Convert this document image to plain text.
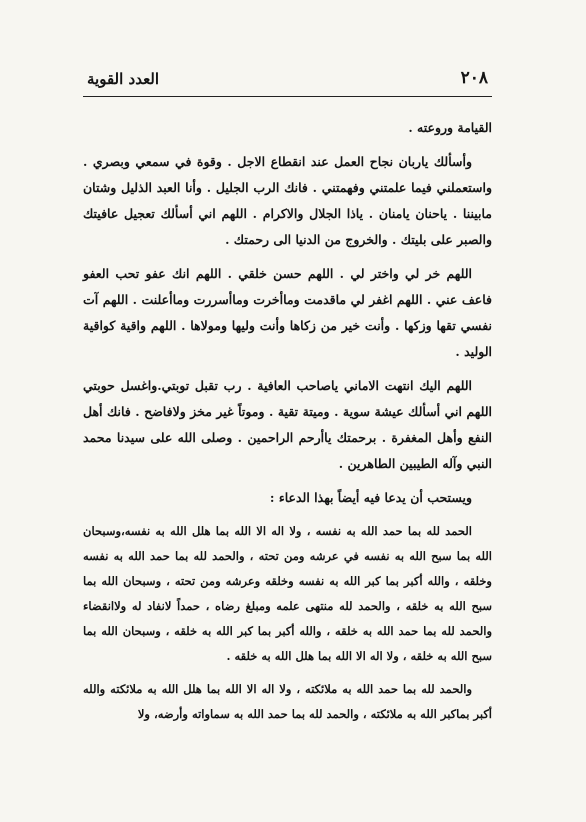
٢٠٨
العدد القوية

القيامة وروعته .

وأسألك ياربان نجاح العمل عند انقطاع الاجل . وقوة في سمعي وبصري . واستعملني فيما علمتني وفهمتني . فانك الرب الجليل . وأنا العبد الذليل وشتان مابيننا . ياحنان يامنان . ياذا الجلال والاكرام . اللهم اني أسألك تعجيل عافيتك والصبر على بليتك . والخروج من الدنيا الى رحمتك .

اللهم خر لي واختر لي . اللهم حسن خلقي . اللهم انك عفو تحب العفو فاعف عني . اللهم اغفر لي ماقدمت وماأخرت وماأسررت وماأعلنت . اللهم آت نفسي تقها وزكها . وأنت خير من زكاها وأنت وليها ومولاها . اللهم واقية كواقية الوليد .

اللهم اليك انتهت الاماني ياصاحب العافية . رب تقبل توبتي.واغسل حوبتي اللهم اني أسألك عيشة سوية . وميتة تقية . وموتاً غير مخز ولافاضح . فانك أهل النفع وأهل المغفرة . برحمتك ياأرحم الراحمين . وصلى الله على سيدنا محمد النبي وآله الطيبين الطاهرين .

ويستحب أن يدعا فيه أيضاً بهذا الدعاء :

الحمد لله بما حمد الله به نفسه ، ولا اله الا الله بما هلل الله به نفسه،وسبحان الله بما سبح الله به نفسه في عرشه ومن تحته ، والحمد لله بما حمد الله به نفسه وخلقه ، والله أكبر بما كبر الله به نفسه وخلقه وعرشه ومن تحته ، وسبحان الله بما سبح الله به خلقه ، والحمد لله منتهى علمه ومبلغ رضاه ، حمداً لانفاد له ولاانقضاء والحمد لله بما حمد الله به خلقه ، والله أكبر بما كبر الله به خلقه ، وسبحان الله بما سبح الله به خلقه ، ولا اله الا الله بما هلل الله به خلقه .

والحمد لله بما حمد الله به ملائكته ، ولا اله الا الله بما هلل الله به ملائكته والله أكبر بماكبر الله به ملائكته ، والحمد لله بما حمد الله به سماواته وأرضه، ولا
